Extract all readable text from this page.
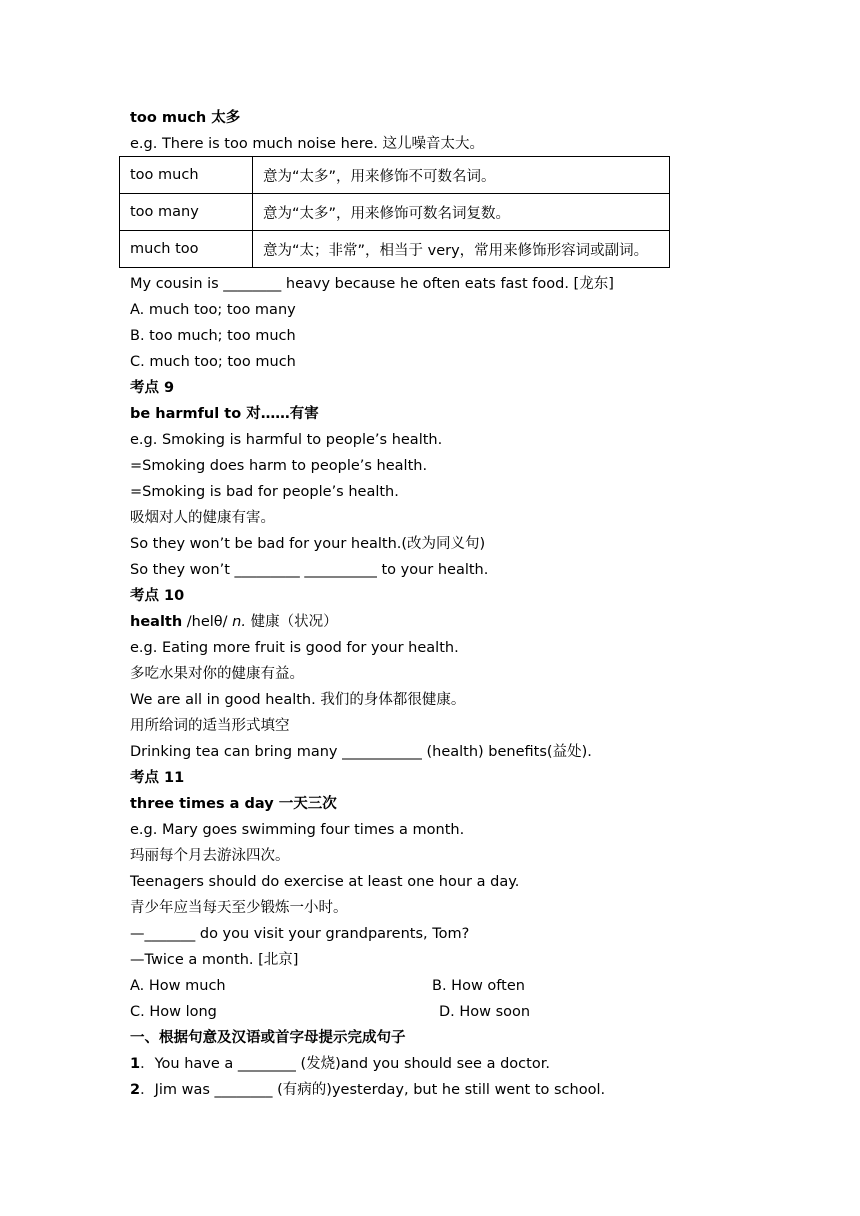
too much 太多
e.g. There is too much noise here. 这儿噪音太大。
too much	意为“太多”，用来修饰不可数名词。
too many	意为“太多”，用来修饰可数名词复数。
much too	意为“太；非常”，相当于 very，常用来修饰形容词或副词。
My cousin is ________ heavy because he often eats fast food. [龙东]
A. much too; too many
B. too much; too much
C. much too; too much
考点 9
be harmful to 对……有害
e.g. Smoking is harmful to people’s health.
=Smoking does harm to people’s health.
=Smoking is bad for people’s health.
吸烟对人的健康有害。
So they won’t be bad for your health.(改为同义句)
So they won’t _________ __________ to your health.
考点 10
health /helθ/ n. 健康（状况）
e.g. Eating more fruit is good for your health.
多吃水果对你的健康有益。
We are all in good health. 我们的身体都很健康。
用所给词的适当形式填空
Drinking tea can bring many ___________ (health) benefits(益处).
考点 11
three times a day 一天三次
e.g. Mary goes swimming four times a month.
玛丽每个月去游泳四次。
Teenagers should do exercise at least one hour a day.
青少年应当每天至少锻炼一小时。
—_______ do you visit your grandparents, Tom?
—Twice a month. [北京]
A. How much	B. How often
C. How long	D. How soon
一、根据句意及汉语或首字母提示完成句子
1．You have a ________ (发烧)and you should see a doctor.
2．Jim was ________ (有病的)yesterday, but he still went to school.
